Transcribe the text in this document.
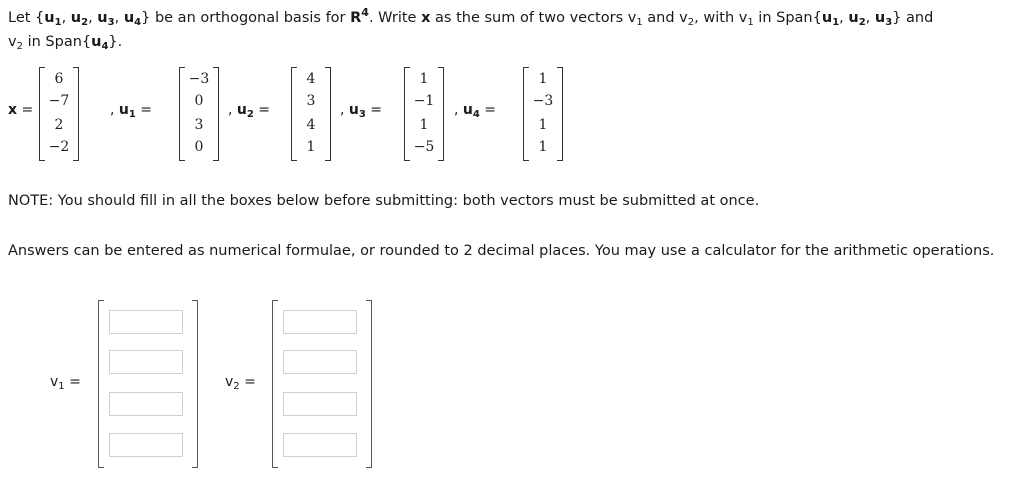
Let {$u_1$, $u_2$, $u_3$, $u_4$} be an orthogonal basis for $R^4$. Write x as the sum of two vectors $v_1$ and $v_2$, with $v_1$ in $Span\{u_1$, $u_2$, $u_3$} and
$v_2$ in $Span\{u_4\}$.
x =
6
−7
2
−2
, $u_1$ =
−3
0
3
0
, $u_2$ =
4
3
4
1
, $u_3$ =
1
−1
1
−5
, $u_4$ =
1
−3
1
1
NOTE: You should fill in all the boxes below before submitting: both vectors must be submitted at once.
Answers can be entered as numerical formulae, or rounded to 2 decimal places. You may use a calculator for the arithmetic operations.
$v_1$ =	$v_2$ =
